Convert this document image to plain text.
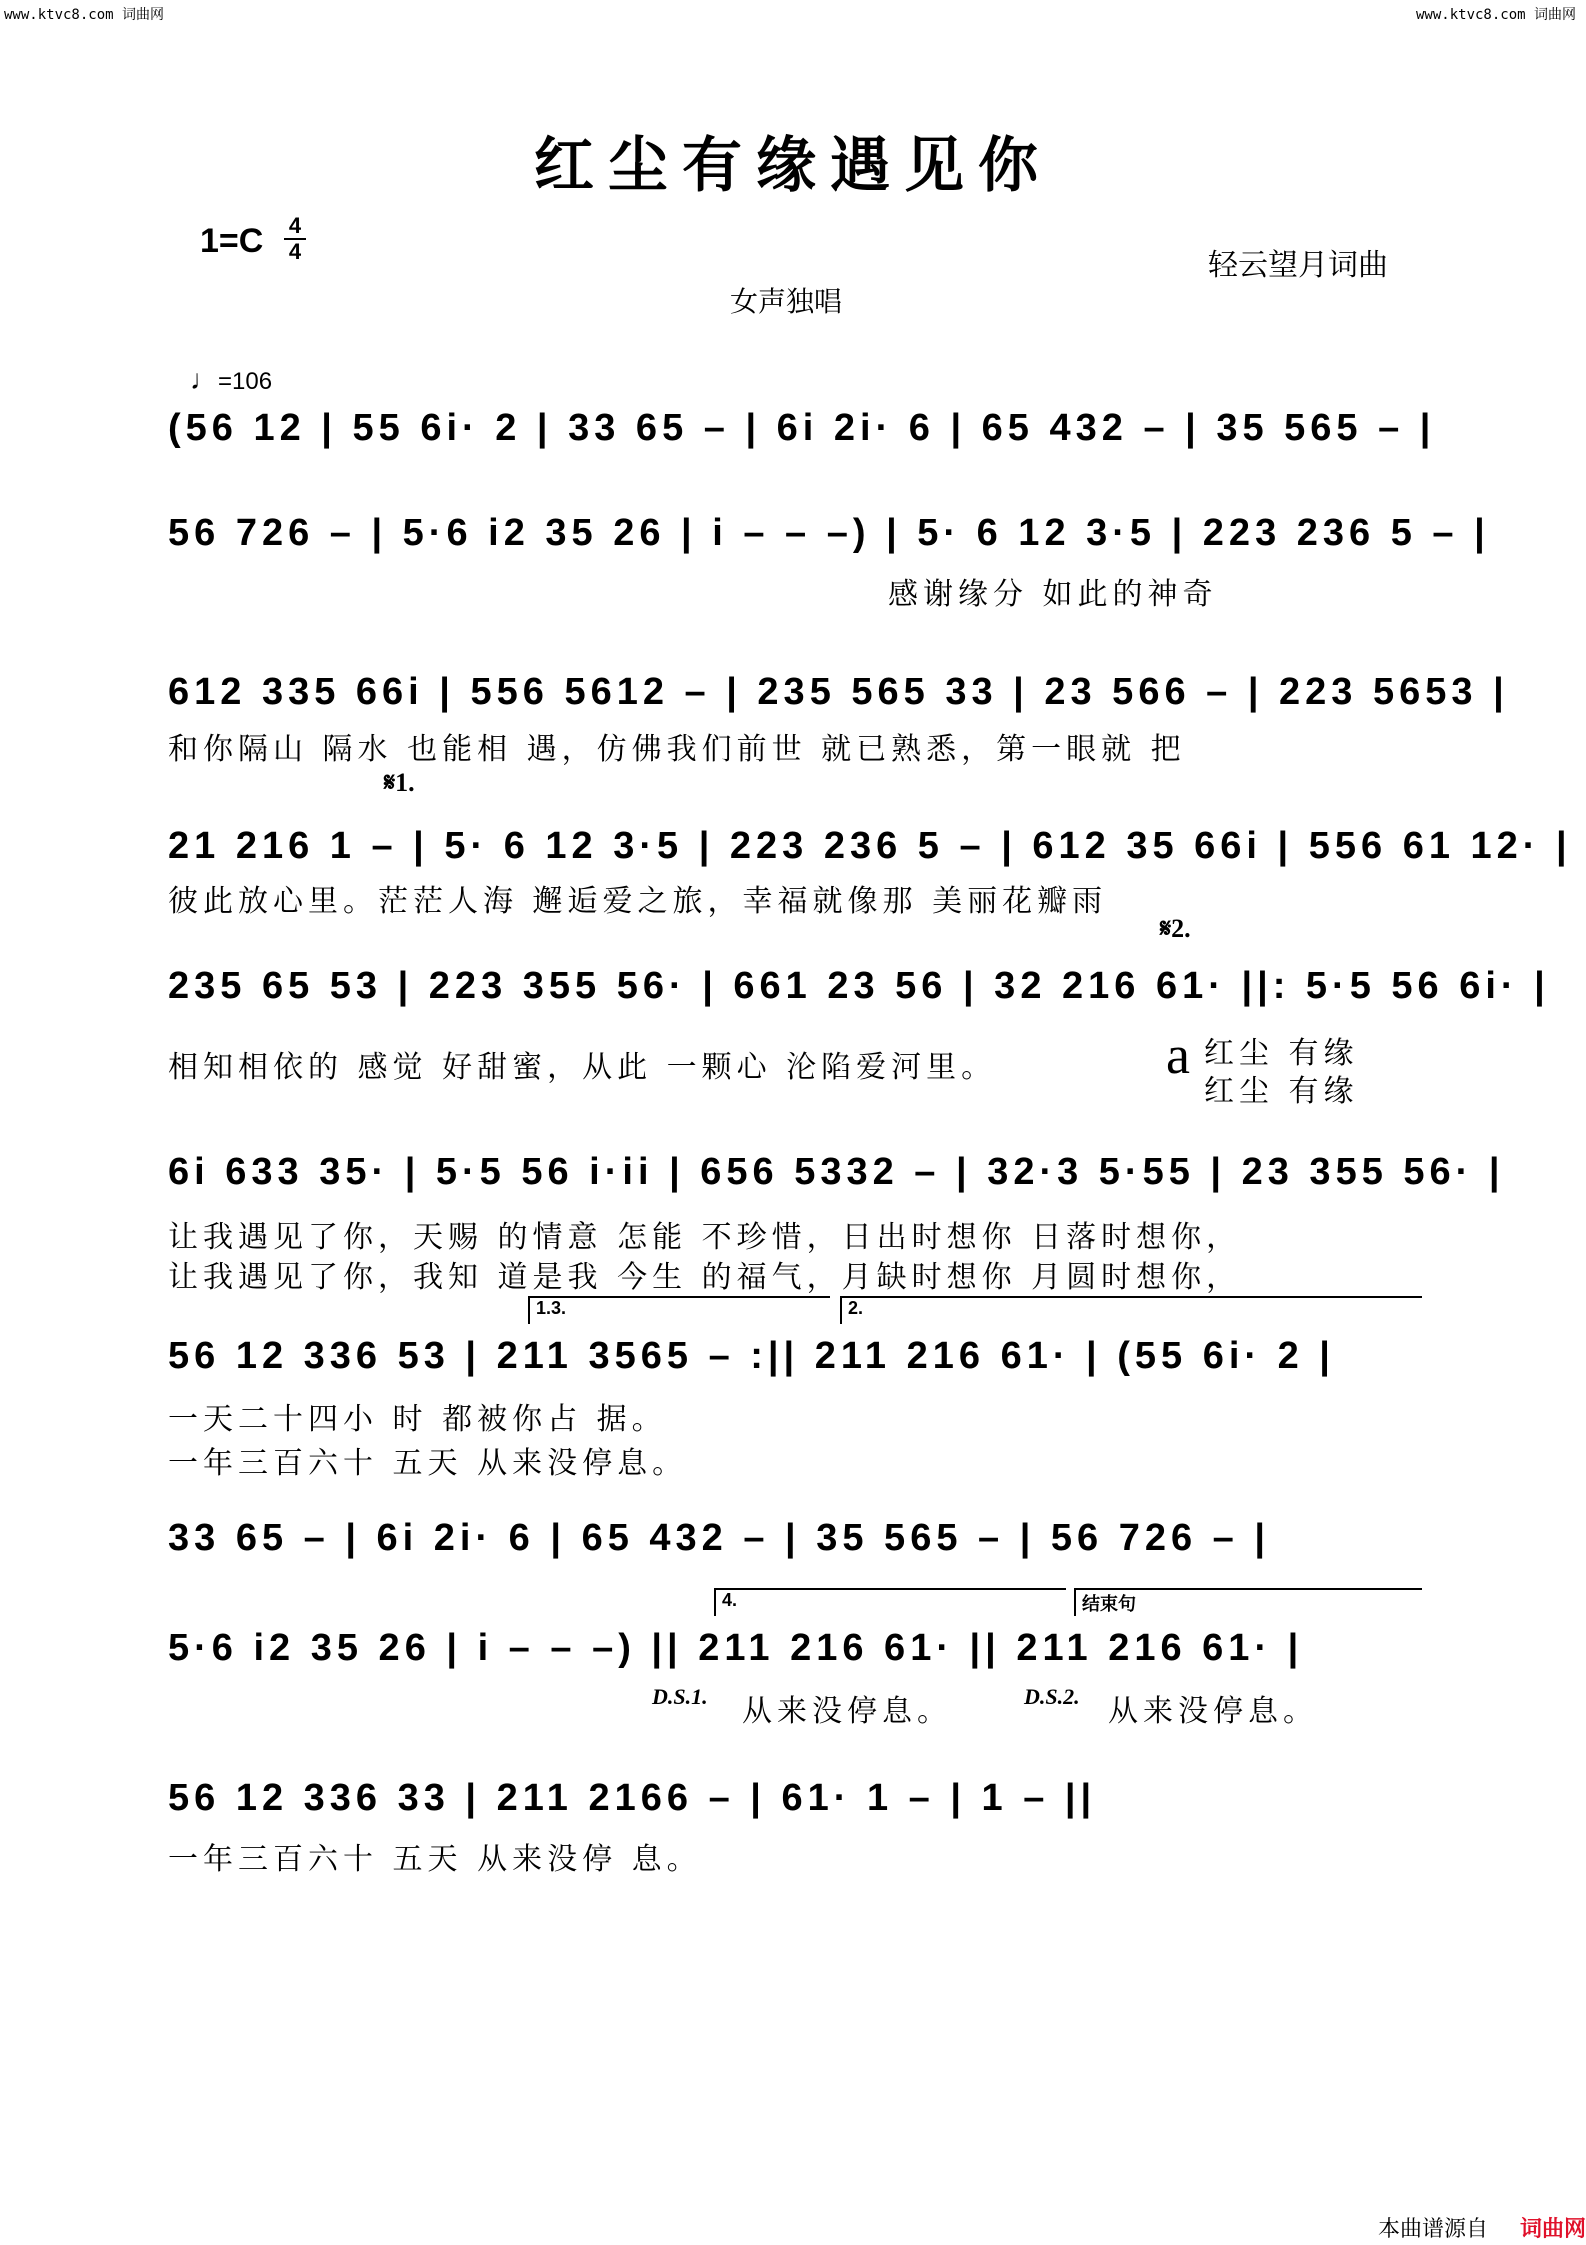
www.ktvc8.com 词曲网	www.ktvc8.com 词曲网
红尘有缘遇见你
1=C	4
4	轻云望月词曲
女声独唱
♩=106
(56 12 | 55 6i· 2 | 33 65 – | 6i 2i· 6 | 65 432 – | 35 565 – |
56 726 – | 5·6 i2 35 26 | i – – –) | 5· 6 12 3·5 | 223 236 5 – |
感谢缘分 如此的神奇
612 335 66i | 556 5612 – | 235 565 33 | 23 566 – | 223 5653 |
和你隔山 隔水 也能相 遇，仿佛我们前世 就已熟悉，第一眼就 把
𝄋1.
21 216 1 – | 5· 6 12 3·5 | 223 236 5 – | 612 35 66i | 556 61 12· |
彼此放心里。茫茫人海 邂逅爱之旅，幸福就像那 美丽花瓣雨
𝄋2.
235 65 53 | 223 355 56· | 661 23 56 | 32 216 61· ||: 5·5 56 6i· |
相知相依的 感觉 好甜蜜，从此 一颗心 沦陷爱河里。	a 红尘 有缘
红尘 有缘
6i 633 35· | 5·5 56 i·ii | 656 5332 – | 32·3 5·55 | 23 355 56· |
让我遇见了你，天赐 的情意 怎能 不珍惜，日出时想你 日落时想你，
让我遇见了你，我知 道是我 今生 的福气，月缺时想你 月圆时想你，
1.3.	2.
56 12 336 53 | 211 3565 – :|| 211 216 61· | (55 6i· 2 |
一天二十四小 时 都被你占 据。
一年三百六十 五天 从来没停息。
33 65 – | 6i 2i· 6 | 65 432 – | 35 565 – | 56 726 – |
4.	结束句
5·6 i2 35 26 | i – – –) || 211 216 61· || 211 216 61· |
D.S.1. 从来没停息。	D.S.2. 从来没停息。
56 12 336 33 | 211 2166 – | 61· 1 – | 1 – ||
一年三百六十 五天 从来没停 息。
本曲谱源自 词曲网
